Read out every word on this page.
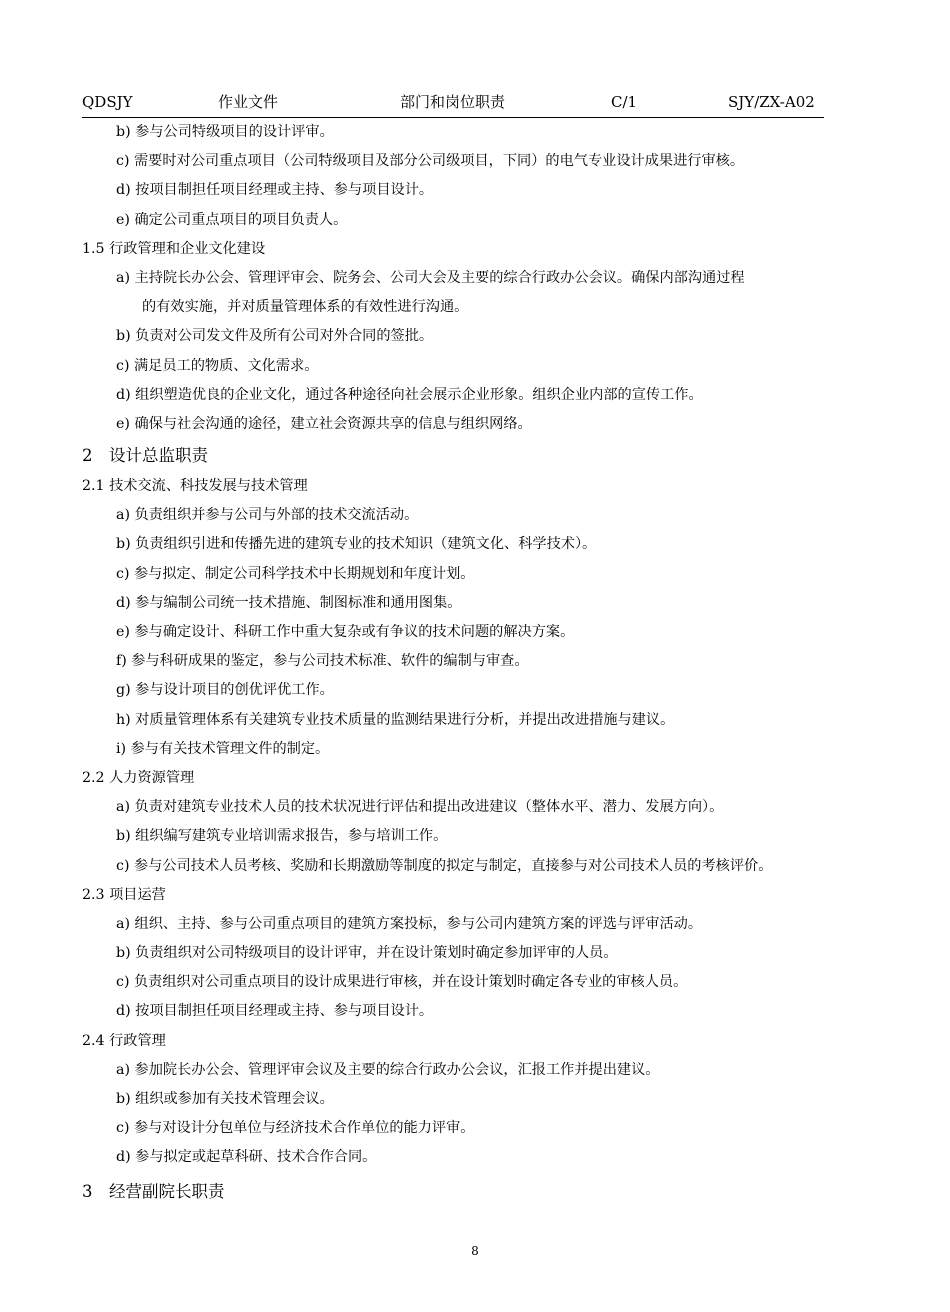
QDSJY	作业文件	部门和岗位职责	C/1	SJY/ZX-A02
b) 参与公司特级项目的设计评审。
c) 需要时对公司重点项目（公司特级项目及部分公司级项目，下同）的电气专业设计成果进行审核。
d) 按项目制担任项目经理或主持、参与项目设计。
e) 确定公司重点项目的项目负责人。
1.5 行政管理和企业文化建设
a) 主持院长办公会、管理评审会、院务会、公司大会及主要的综合行政办公会议。确保内部沟通过程
的有效实施，并对质量管理体系的有效性进行沟通。
b) 负责对公司发文件及所有公司对外合同的签批。
c) 满足员工的物质、文化需求。
d) 组织塑造优良的企业文化，通过各种途径向社会展示企业形象。组织企业内部的宣传工作。
e) 确保与社会沟通的途径，建立社会资源共享的信息与组织网络。
2 设计总监职责
2.1 技术交流、科技发展与技术管理
a) 负责组织并参与公司与外部的技术交流活动。
b) 负责组织引进和传播先进的建筑专业的技术知识（建筑文化、科学技术）。
c) 参与拟定、制定公司科学技术中长期规划和年度计划。
d) 参与编制公司统一技术措施、制图标准和通用图集。
e) 参与确定设计、科研工作中重大复杂或有争议的技术问题的解决方案。
f) 参与科研成果的鉴定，参与公司技术标准、软件的编制与审查。
g) 参与设计项目的创优评优工作。
h) 对质量管理体系有关建筑专业技术质量的监测结果进行分析，并提出改进措施与建议。
i) 参与有关技术管理文件的制定。
2.2 人力资源管理
a) 负责对建筑专业技术人员的技术状况进行评估和提出改进建议（整体水平、潜力、发展方向）。
b) 组织编写建筑专业培训需求报告，参与培训工作。
c) 参与公司技术人员考核、奖励和长期激励等制度的拟定与制定，直接参与对公司技术人员的考核评价。
2.3 项目运营
a) 组织、主持、参与公司重点项目的建筑方案投标，参与公司内建筑方案的评选与评审活动。
b) 负责组织对公司特级项目的设计评审，并在设计策划时确定参加评审的人员。
c) 负责组织对公司重点项目的设计成果进行审核，并在设计策划时确定各专业的审核人员。
d) 按项目制担任项目经理或主持、参与项目设计。
2.4 行政管理
a) 参加院长办公会、管理评审会议及主要的综合行政办公会议，汇报工作并提出建议。
b) 组织或参加有关技术管理会议。
c) 参与对设计分包单位与经济技术合作单位的能力评审。
d) 参与拟定或起草科研、技术合作合同。
3 经营副院长职责
8
